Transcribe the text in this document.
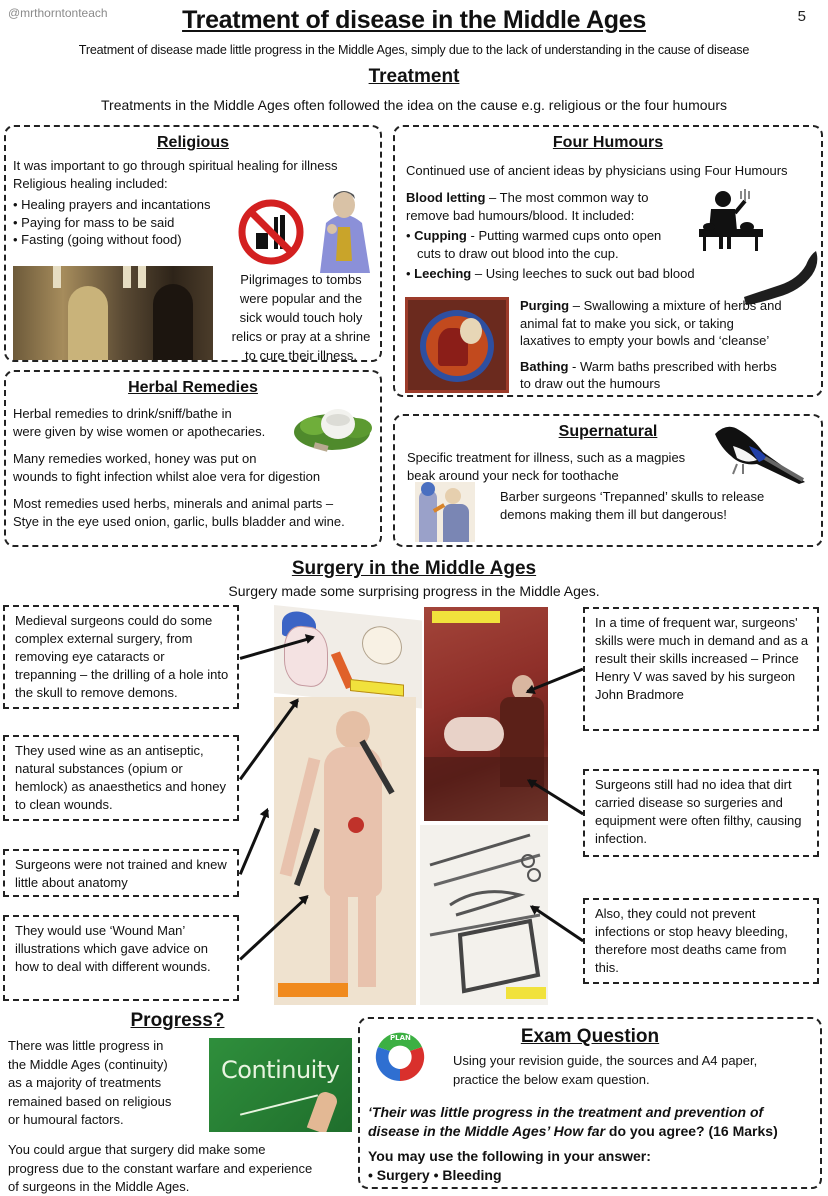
@mrthorntonteach	5
Treatment of disease in the Middle Ages
Treatment of disease made little progress in the Middle Ages, simply due to the lack of understanding in the cause of disease
Treatment
Treatments in the Middle Ages often followed the idea on the cause e.g. religious or the four humours
Religious
It was important to go through spiritual healing for illness
Religious healing included:
• Healing prayers and incantations
• Paying for mass to be said
• Fasting (going without food)
Pilgrimages to tombs
were popular and the
sick would touch holy
relics or pray at a shrine
to cure their illness.
Four Humours
Continued use of ancient ideas by physicians using Four Humours
Blood letting – The most common way to
remove bad humours/blood. It included:
• Cupping - Putting warmed cups onto open
cuts to draw out blood into the cup.
• Leeching – Using leeches to suck out bad blood
Purging – Swallowing a mixture of herbs and
animal fat to make you sick, or taking
laxatives to empty your bowls and ‘cleanse’
Bathing - Warm baths prescribed with herbs
to draw out the humours
Herbal Remedies
Herbal remedies to drink/sniff/bathe in
were given by wise women or apothecaries.
Many remedies worked, honey was put on
wounds to fight infection whilst aloe vera for digestion
Most remedies used herbs, minerals and animal parts –
Stye in the eye used onion, garlic, bulls bladder and wine.
Supernatural
Specific treatment for illness, such as a magpies
beak around your neck for toothache
Barber surgeons ‘Trepanned’ skulls to release
demons making them ill but dangerous!
Surgery in the Middle Ages
Surgery made some surprising progress in the Middle Ages.
Medieval surgeons could do some complex external surgery, from removing eye cataracts or trepanning – the drilling of a hole into the skull to remove demons.
They used wine as an antiseptic, natural substances (opium or hemlock) as anaesthetics and honey to clean wounds.
Surgeons were not trained and knew little about anatomy
They would use ‘Wound Man’ illustrations which gave advice on how to deal with different wounds.
In a time of frequent war, surgeons' skills were much in demand and as a result their skills increased – Prince Henry V was saved by his surgeon John Bradmore
Surgeons still had no idea that dirt carried disease so surgeries and equipment were often filthy, causing infection.
Also, they could not prevent infections or stop heavy bleeding, therefore most deaths came from this.
Progress?
There was little progress in
the Middle Ages (continuity)
as a majority of treatments
remained based on religious
or humoural factors.
You could argue that surgery did make some
progress due to the constant warfare and experience
of surgeons in the Middle Ages.
Continuity
PLAN	Exam Question
Using your revision guide, the sources and A4 paper,
practice the below exam question.
‘Their was little progress in the treatment and prevention of
disease in the Middle Ages’ How far do you agree? (16 Marks)
You may use the following in your answer:
• Surgery • Bleeding
